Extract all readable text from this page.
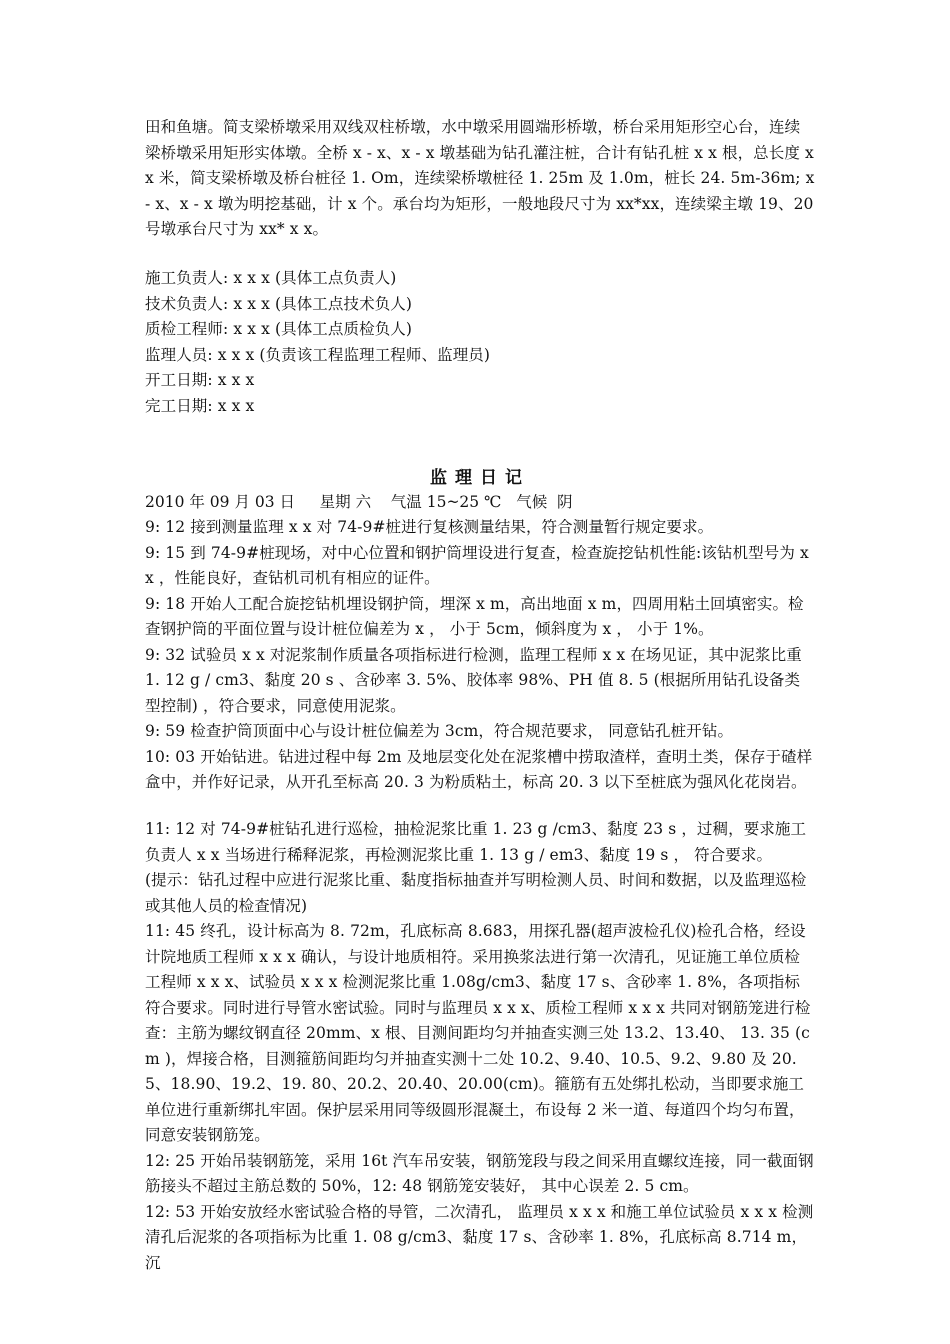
田和鱼塘。简支梁桥墩采用双线双柱桥墩，水中墩采用圆端形桥墩，桥台采用矩形空心台，连续梁桥墩采用矩形实体墩。全桥 x - x、x - x 墩基础为钻孔灌注桩，合计有钻孔桩 x x 根，总长度 x x 米，简支梁桥墩及桥台桩径 1. Om，连续梁桥墩桩径 1. 25m 及 1.0m，桩长 24. 5m-36m; x - x、x - x 墩为明挖基础，计 x 个。承台均为矩形，一般地段尺寸为 xx*xx，连续梁主墩 19、20 号墩承台尺寸为 xx* x x。

施工负责人: x x x (具体工点负责人)

技术负责人: x x x (具体工点技术负人)

质检工程师: x x x (具体工点质检负人)

监理人员: x x x (负责该工程监理工程师、监理员)

开工日期: x x x

完工日期: x x x

监理日记
2010 年 09 月 03 日     星期 六    气温 15~25 ℃   气候  阴

9: 12 接到测量监理 x x 对 74-9#桩进行复核测量结果，符合测量暂行规定要求。

9: 15 到 74-9#桩现场，对中心位置和钢护筒埋设进行复查，检查旋挖钻机性能:该钻机型号为 x x ，性能良好，查钻机司机有相应的证件。

9: 18 开始人工配合旋挖钻机埋设钢护筒，埋深 x m，高出地面 x m，四周用粘土回填密实。检查钢护筒的平面位置与设计桩位偏差为 x ， 小于 5cm，倾斜度为 x ， 小于 1%。

9: 32 试验员 x x 对泥浆制作质量各项指标进行检测，监理工程师 x x 在场见证，其中泥浆比重 1. 12 g / cm3、黏度 20 s 、含砂率 3. 5%、胶体率 98%、PH 值 8. 5 (根据所用钻孔设备类型控制) ，符合要求，同意使用泥浆。

9: 59 检查护筒顶面中心与设计桩位偏差为 3cm，符合规范要求， 同意钻孔桩开钻。

10: 03 开始钻进。钻进过程中每 2m 及地层变化处在泥浆槽中捞取渣样，查明土类，保存于碴样盒中，并作好记录，从开孔至标高 20. 3 为粉质粘土，标高 20. 3 以下至桩底为强风化花岗岩。

11: 12 对 74-9#桩钻孔进行巡检，抽检泥浆比重 1. 23 g /cm3、黏度 23 s ，过稠，要求施工负责人 x x 当场进行稀释泥浆，再检测泥浆比重 1. 13 g / em3、黏度 19 s ， 符合要求。

(提示：钻孔过程中应进行泥浆比重、黏度指标抽查并写明检测人员、时间和数据，以及监理巡检或其他人员的检查情况)

11: 45 终孔，设计标高为 8. 72m，孔底标高 8.683，用探孔器(超声波检孔仪)检孔合格，经设计院地质工程师 x x x 确认，与设计地质相符。采用换浆法进行第一次清孔，见证施工单位质检工程师 x x x、试验员 x x x 检测泥浆比重 1.08g/cm3、黏度 17 s、含砂率 1. 8%，各项指标符合要求。同时进行导管水密试验。同时与监理员 x x x、质检工程师 x x x 共同对钢筋笼进行检查：主筋为螺纹钢直径 20mm、x 根、目测间距均匀并抽查实测三处 13.2、13.40、 13. 35 (cm )，焊接合格，目测箍筋间距均匀并抽查实测十二处 10.2、9.40、10.5、9.2、9.80 及 20.5、18.90、19.2、19. 80、20.2、20.40、20.00(cm)。箍筋有五处绑扎松动，当即要求施工单位进行重新绑扎牢固。保护层采用同等级圆形混凝土，布设每 2 米一道、每道四个均匀布置， 同意安装钢筋笼。

12: 25 开始吊装钢筋笼，采用 16t 汽车吊安装，钢筋笼段与段之间采用直螺纹连接，同一截面钢筋接头不超过主筋总数的 50%，12: 48 钢筋笼安装好， 其中心误差 2. 5 cm。

12: 53 开始安放经水密试验合格的导管，二次清孔， 监理员 x x x 和施工单位试验员 x x x 检测清孔后泥浆的各项指标为比重 1. 08 g/cm3、黏度 17 s、含砂率 1. 8%，孔底标高 8.714 m，沉
